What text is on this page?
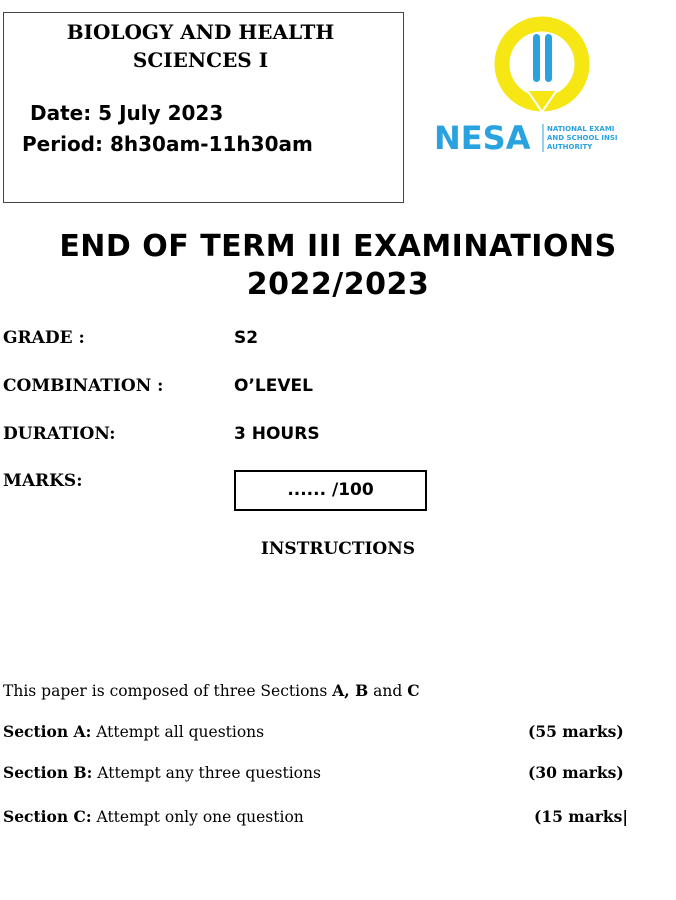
BIOLOGY AND HEALTH
SCIENCES I
Date: 5 July 2023
Period: 8h30am-11h30am	NESA NATIONAL EXAMI
AND SCHOOL INSI
AUTHORITY
END OF TERM III EXAMINATIONS
2022/2023
GRADE :	S2
COMBINATION :	O’LEVEL
DURATION:	3 HOURS
MARKS:	...... /100
INSTRUCTIONS
This paper is composed of three Sections A, B and C
Section A: Attempt all questions	(55 marks)
Section B: Attempt any three questions	(30 marks)
Section C: Attempt only one question	(15 marks|
